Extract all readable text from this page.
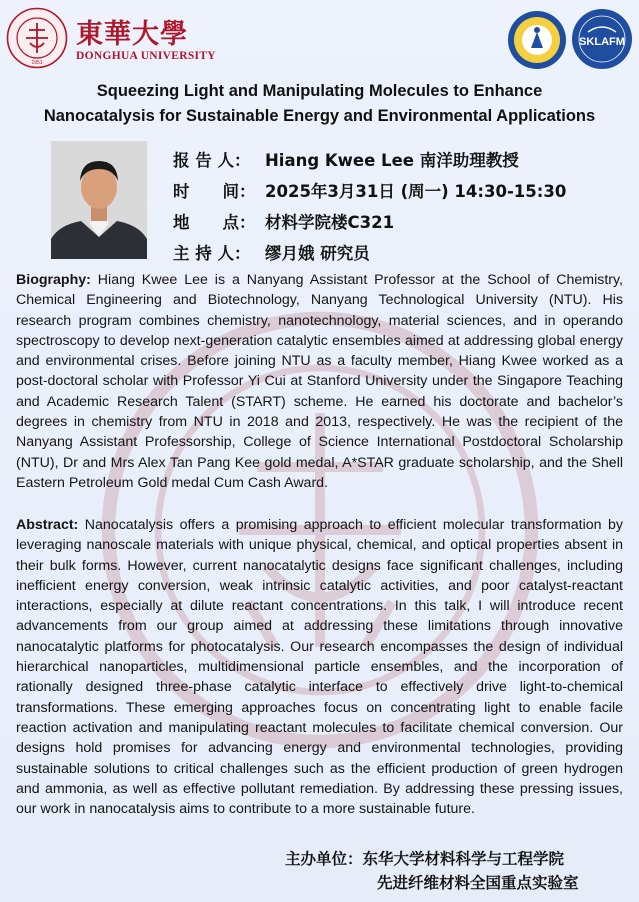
1951
東華大學
DONGHUA UNIVERSITY
SKLAFM
Squeezing Light and Manipulating Molecules to Enhance
Nanocatalysis for Sustainable Energy and Environmental Applications
报 告 人： Hiang Kwee Lee 南洋助理教授
时　　间： 2025年3月31日 (周一) 14:30-15:30
地　　点： 材料学院楼C321
主 持 人： 缪月娥 研究员
Biography: Hiang Kwee Lee is a Nanyang Assistant Professor at the School of Chemistry, Chemical Engineering and Biotechnology, Nanyang Technological University (NTU). His research program combines chemistry, nanotechnology, material sciences, and in operando spectroscopy to develop next-generation catalytic ensembles aimed at addressing global energy and environmental crises. Before joining NTU as a faculty member, Hiang Kwee worked as a post-doctoral scholar with Professor Yi Cui at Stanford University under the Singapore Teaching and Academic Research Talent (START) scheme. He earned his doctorate and bachelor’s degrees in chemistry from NTU in 2018 and 2013, respectively. He was the recipient of the Nanyang Assistant Professorship, College of Science International Postdoctoral Scholarship (NTU), Dr and Mrs Alex Tan Pang Kee gold medal, A*STAR graduate scholarship, and the Shell Eastern Petroleum Gold medal Cum Cash Award.
Abstract: Nanocatalysis offers a promising approach to efficient molecular transformation by leveraging nanoscale materials with unique physical, chemical, and optical properties absent in their bulk forms. However, current nanocatalytic designs face significant challenges, including inefficient energy conversion, weak intrinsic catalytic activities, and poor catalyst-reactant interactions, especially at dilute reactant concentrations. In this talk, I will introduce recent advancements from our group aimed at addressing these limitations through innovative nanocatalytic platforms for photocatalysis. Our research encompasses the design of individual hierarchical nanoparticles, multidimensional particle ensembles, and the incorporation of rationally designed three-phase catalytic interface to effectively drive light-to-chemical transformations. These emerging approaches focus on concentrating light to enable facile reaction activation and manipulating reactant molecules to facilitate chemical conversion. Our designs hold promises for advancing energy and environmental technologies, providing sustainable solutions to critical challenges such as the efficient production of green hydrogen and ammonia, as well as effective pollutant remediation. By addressing these pressing issues, our work in nanocatalysis aims to contribute to a more sustainable future.
主办单位：东华大学材料科学与工程学院
先进纤维材料全国重点实验室
